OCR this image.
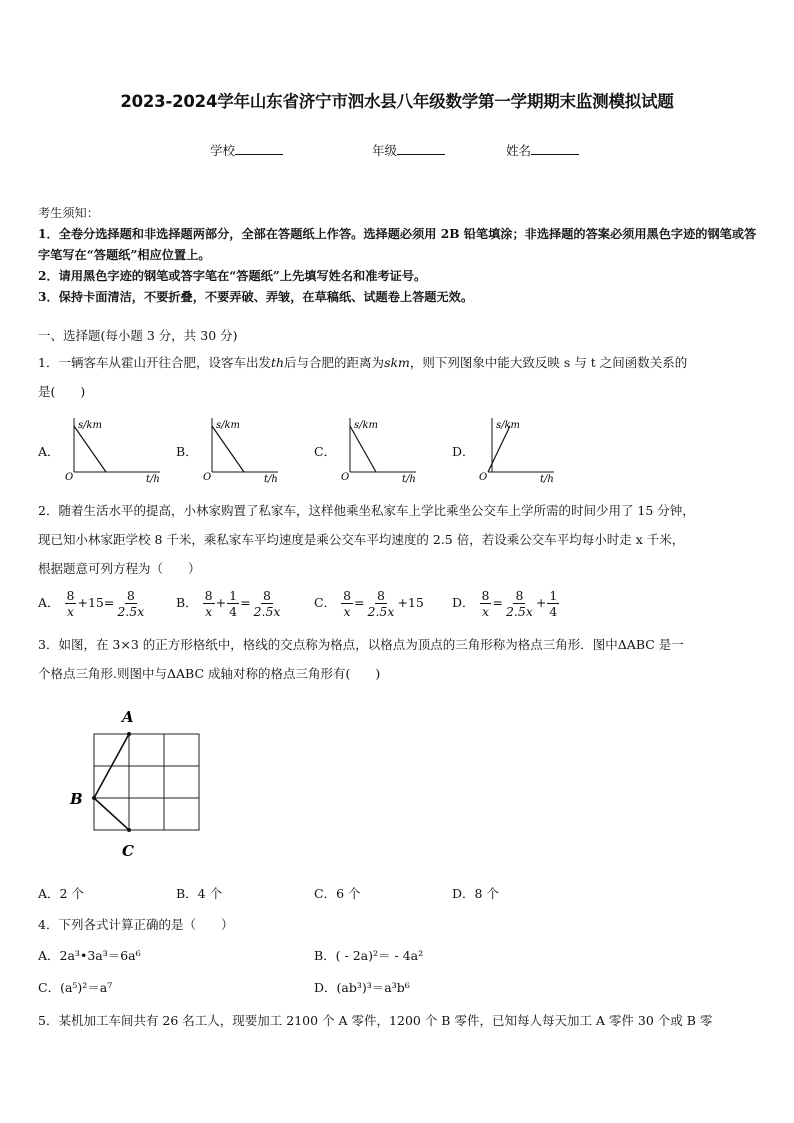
2023-2024学年山东省济宁市泗水县八年级数学第一学期期末监测模拟试题
学校	年级	姓名
考生须知：
1．全卷分选择题和非选择题两部分，全部在答题纸上作答。选择题必须用 2B 铅笔填涂；非选择题的答案必须用黑色字迹的钢笔或答字笔写在“答题纸”相应位置上。
2．请用黑色字迹的钢笔或答字笔在“答题纸”上先填写姓名和准考证号。
3．保持卡面清洁，不要折叠，不要弄破、弄皱，在草稿纸、试题卷上答题无效。
一、选择题(每小题 3 分，共 30 分)
1．一辆客车从霍山开往合肥，设客车出发th后与合肥的距离为skm，则下列图象中能大致反映 s 与 t 之间函数关系的
是(　　)
A．
s/km
t/h
O
B．
s/km
t/h
O
C．
s/km
t/h
O
D．
s/km
t/h
O
2．随着生活水平的提高，小林家购置了私家车，这样他乘坐私家车上学比乘坐公交车上学所需的时间少用了 15 分钟，
现已知小林家距学校 8 千米，乘私家车平均速度是乘公交车平均速度的 2.5 倍，若设乘公交车平均每小时走 x 千米，
根据题意可列方程为（　　）
A． $\frac{8}{x} +15= \frac{8}{2.5x}$ B． $\frac{8}{x} + \frac{1}{4} = \frac{8}{2.5x}$	C． $\frac{8}{x} = \frac{8}{2.5x} +15$ D． $\frac{8}{x} = \frac{8}{2.5x} + \frac{1}{4}$
3．如图，在 3×3 的正方形格纸中，格线的交点称为格点，以格点为顶点的三角形称为格点三角形．图中ΔABC 是一
个格点三角形.则图中与ΔABC 成轴对称的格点三角形有(　　)
A
B
C
A．2 个	B．4 个	C．6 个	D．8 个
4．下列各式计算正确的是（　　）
A．2a³•3a³＝6a⁶	B．( - 2a)²＝ - 4a²
C．(a⁵)²＝a⁷	D．(ab³)³＝a³b⁶
5．某机加工车间共有 26 名工人，现要加工 2100 个 A 零件，1200 个 B 零件，已知每人每天加工 A 零件 30 个或 B 零
